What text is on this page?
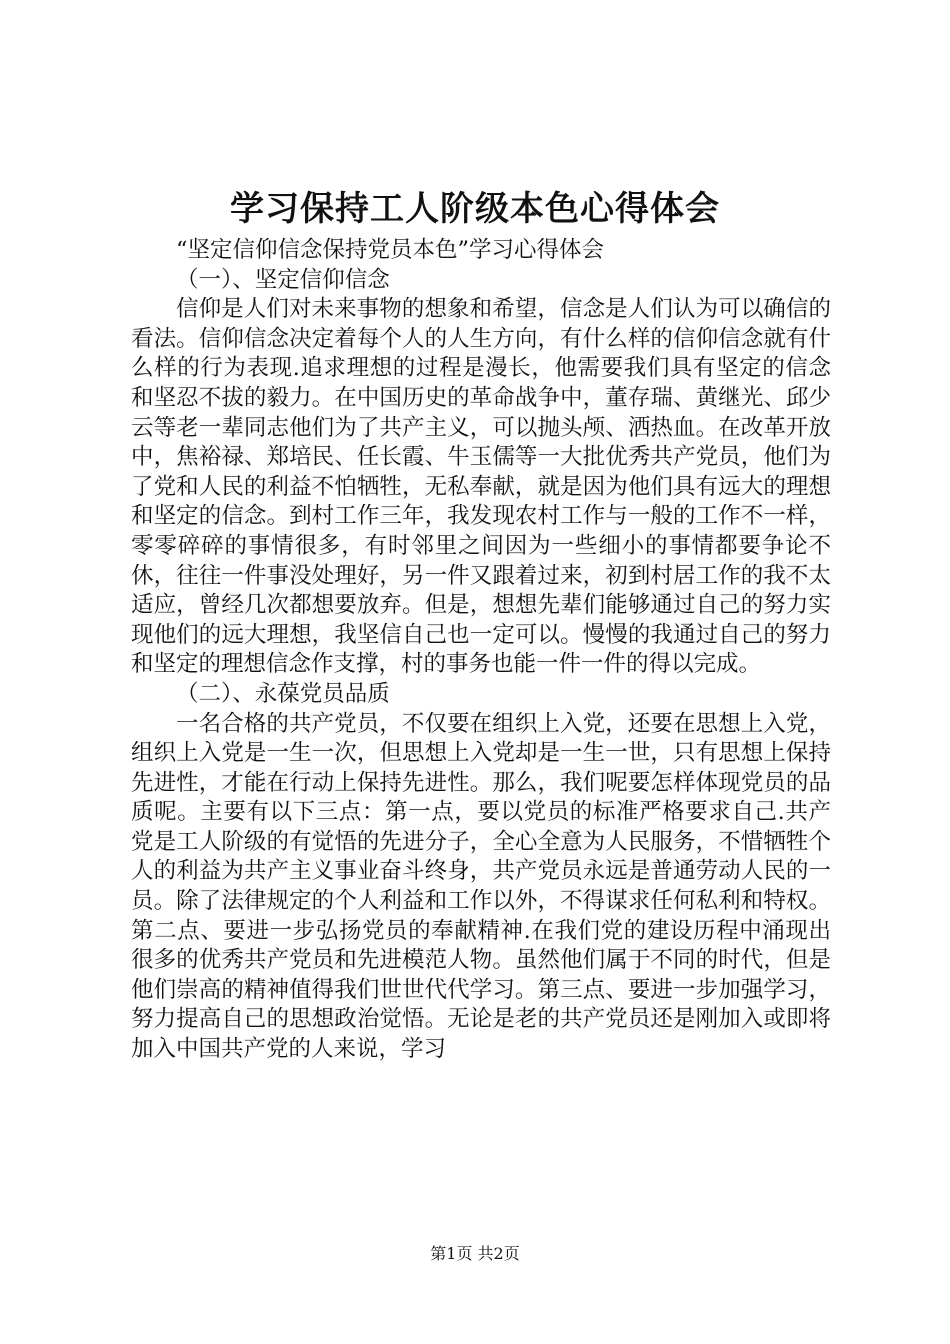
学习保持工人阶级本色心得体会

“坚定信仰信念保持党员本色”学习心得体会

（一）、坚定信仰信念

信仰是人们对未来事物的想象和希望，信念是人们认为可以确信的看法。信仰信念决定着每个人的人生方向，有什么样的信仰信念就有什么样的行为表现.追求理想的过程是漫长，他需要我们具有坚定的信念和坚忍不拔的毅力。在中国历史的革命战争中，董存瑞、黄继光、邱少云等老一辈同志他们为了共产主义，可以抛头颅、洒热血。在改革开放中，焦裕禄、郑培民、任长霞、牛玉儒等一大批优秀共产党员，他们为了党和人民的利益不怕牺牲，无私奉献，就是因为他们具有远大的理想和坚定的信念。到村工作三年，我发现农村工作与一般的工作不一样，零零碎碎的事情很多，有时邻里之间因为一些细小的事情都要争论不休，往往一件事没处理好，另一件又跟着过来，初到村居工作的我不太适应，曾经几次都想要放弃。但是，想想先辈们能够通过自己的努力实现他们的远大理想，我坚信自己也一定可以。慢慢的我通过自己的努力和坚定的理想信念作支撑，村的事务也能一件一件的得以完成。

（二）、永葆党员品质

一名合格的共产党员，不仅要在组织上入党，还要在思想上入党，组织上入党是一生一次，但思想上入党却是一生一世，只有思想上保持先进性，才能在行动上保持先进性。那么，我们呢要怎样体现党员的品质呢。主要有以下三点：第一点，要以党员的标准严格要求自己.共产党是工人阶级的有觉悟的先进分子，全心全意为人民服务，不惜牺牲个人的利益为共产主义事业奋斗终身，共产党员永远是普通劳动人民的一员。除了法律规定的个人利益和工作以外，不得谋求任何私利和特权。第二点、要进一步弘扬党员的奉献精神.在我们党的建设历程中涌现出很多的优秀共产党员和先进模范人物。虽然他们属于不同的时代，但是他们崇高的精神值得我们世世代代学习。第三点、要进一步加强学习，努力提高自己的思想政治觉悟。无论是老的共产党员还是刚加入或即将加入中国共产党的人来说，学习

第1页 共2页
